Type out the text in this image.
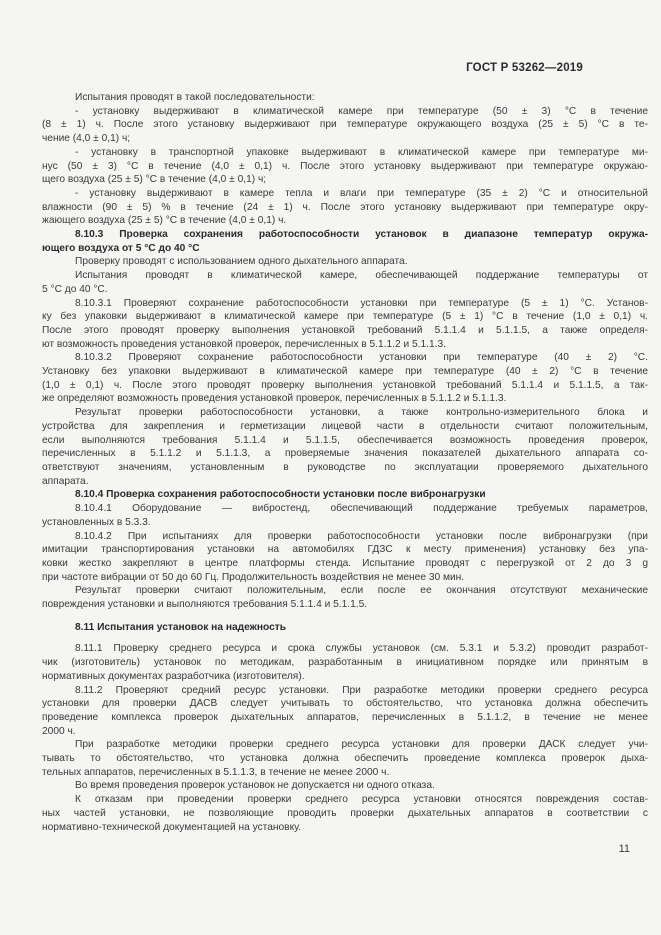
ГОСТ Р 53262—2019
Испытания проводят в такой последовательности:
- установку выдерживают в климатической камере при температуре (50 ± 3) °С в течение
(8 ± 1) ч. После этого установку выдерживают при температуре окружающего воздуха (25 ± 5) °С в те-
чение (4,0 ± 0,1) ч;
- установку в транспортной упаковке выдерживают в климатической камере при температуре ми-
нус (50 ± 3) °С в течение (4,0 ± 0,1) ч. После этого установку выдерживают при температуре окружаю-
щего воздуха (25 ± 5) °С в течение (4,0 ± 0,1) ч;
- установку выдерживают в камере тепла и влаги при температуре (35 ± 2) °С и относительной
влажности (90 ± 5) % в течение (24 ± 1) ч. После этого установку выдерживают при температуре окру-
жающего воздуха (25 ± 5) °С в течение (4,0 ± 0,1) ч.
8.10.3 Проверка сохранения работоспособности установок в диапазоне температур окружа-
ющего воздуха от 5 °С до 40 °С
Проверку проводят с использованием одного дыхательного аппарата.
Испытания проводят в климатической камере, обеспечивающей поддержание температуры от
5 °С до 40 °С.
8.10.3.1 Проверяют сохранение работоспособности установки при температуре (5 ± 1) °С. Установ-
ку без упаковки выдерживают в климатической камере при температуре (5 ± 1) °С в течение (1,0 ± 0,1) ч.
После этого проводят проверку выполнения установкой требований 5.1.1.4 и 5.1.1.5, а также определя-
ют возможность проведения установкой проверок, перечисленных в 5.1.1.2 и 5.1.1.3.
8.10.3.2 Проверяют сохранение работоспособности установки при температуре (40 ± 2) °С.
Установку без упаковки выдерживают в климатической камере при температуре (40 ± 2) °С в течение
(1,0 ± 0,1) ч. После этого проводят проверку выполнения установкой требований 5.1.1.4 и 5.1.1.5, а так-
же определяют возможность проведения установкой проверок, перечисленных в 5.1.1.2 и 5.1.1.3.
Результат проверки работоспособности установки, а также контрольно-измерительного блока и
устройства для закрепления и герметизации лицевой части в отдельности считают положительным,
если выполняются требования 5.1.1.4 и 5.1.1.5, обеспечивается возможность проведения проверок,
перечисленных в 5.1.1.2 и 5.1.1.3, а проверяемые значения показателей дыхательного аппарата со-
ответствуют значениям, установленным в руководстве по эксплуатации проверяемого дыхательного
аппарата.
8.10.4 Проверка сохранения работоспособности установки после вибронагрузки
8.10.4.1 Оборудование — вибростенд, обеспечивающий поддержание требуемых параметров,
установленных в 5.3.3.
8.10.4.2 При испытаниях для проверки работоспособности установки после вибронагрузки (при
имитации транспортирования установки на автомобилях ГДЗС к месту применения) установку без упа-
ковки жестко закрепляют в центре платформы стенда. Испытание проводят с перегрузкой от 2 до 3 g
при частоте вибрации от 50 до 60 Гц. Продолжительность воздействия не менее 30 мин.
Результат проверки считают положительным, если после ее окончания отсутствуют механические
повреждения установки и выполняются требования 5.1.1.4 и 5.1.1.5.
8.11 Испытания установок на надежность
8.11.1 Проверку среднего ресурса и срока службы установок (см. 5.3.1 и 5.3.2) проводит разработ-
чик (изготовитель) установок по методикам, разработанным в инициативном порядке или принятым в
нормативных документах разработчика (изготовителя).
8.11.2 Проверяют средний ресурс установки. При разработке методики проверки среднего ресурса
установки для проверки ДАСВ следует учитывать то обстоятельство, что установка должна обеспечить
проведение комплекса проверок дыхательных аппаратов, перечисленных в 5.1.1.2, в течение не менее
2000 ч.
При разработке методики проверки среднего ресурса установки для проверки ДАСК следует учи-
тывать то обстоятельство, что установка должна обеспечить проведение комплекса проверок дыха-
тельных аппаратов, перечисленных в 5.1.1.3, в течение не менее 2000 ч.
Во время проведения проверок установок не допускается ни одного отказа.
К отказам при проведении проверки среднего ресурса установки относятся повреждения состав-
ных частей установки, не позволяющие проводить проверки дыхательных аппаратов в соответствии с
нормативно-технической документацией на установку.
11
